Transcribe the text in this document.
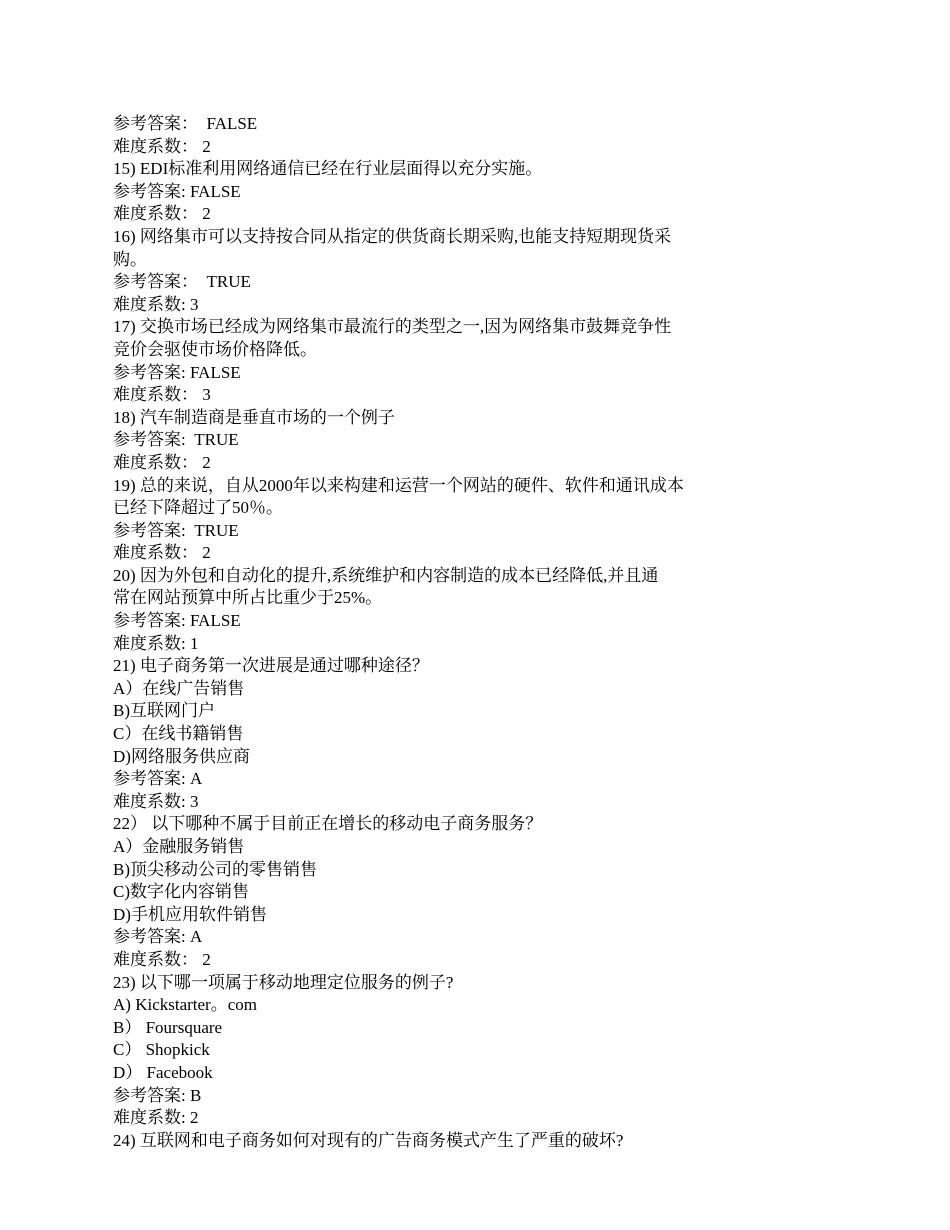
参考答案：  FALSE

难度系数： 2

15) EDI标准利用网络通信已经在行业层面得以充分实施。

参考答案: FALSE

难度系数： 2

16) 网络集市可以支持按合同从指定的供货商长期采购,也能支持短期现货采

购。

参考答案：  TRUE

难度系数: 3

17) 交换市场已经成为网络集市最流行的类型之一,因为网络集市鼓舞竞争性

竞价会驱使市场价格降低。

参考答案: FALSE

难度系数： 3

18) 汽车制造商是垂直市场的一个例子

参考答案:  TRUE

难度系数： 2

19) 总的来说，自从2000年以来构建和运营一个网站的硬件、软件和通讯成本

已经下降超过了50％。

参考答案:  TRUE

难度系数： 2

20) 因为外包和自动化的提升,系统维护和内容制造的成本已经降低,并且通

常在网站预算中所占比重少于25%。

参考答案: FALSE

难度系数: 1

21) 电子商务第一次进展是通过哪种途径？

A）在线广告销售

B)互联网门户

C）在线书籍销售

D)网络服务供应商

参考答案: A

难度系数: 3

22） 以下哪种不属于目前正在增长的移动电子商务服务？

A）金融服务销售

B)顶尖移动公司的零售销售

C)数字化内容销售

D)手机应用软件销售

参考答案: A

难度系数： 2

23) 以下哪一项属于移动地理定位服务的例子?

A) Kickstarter。com

B） Foursquare

C） Shopkick

D） Facebook

参考答案: B

难度系数: 2

24) 互联网和电子商务如何对现有的广告商务模式产生了严重的破坏?
